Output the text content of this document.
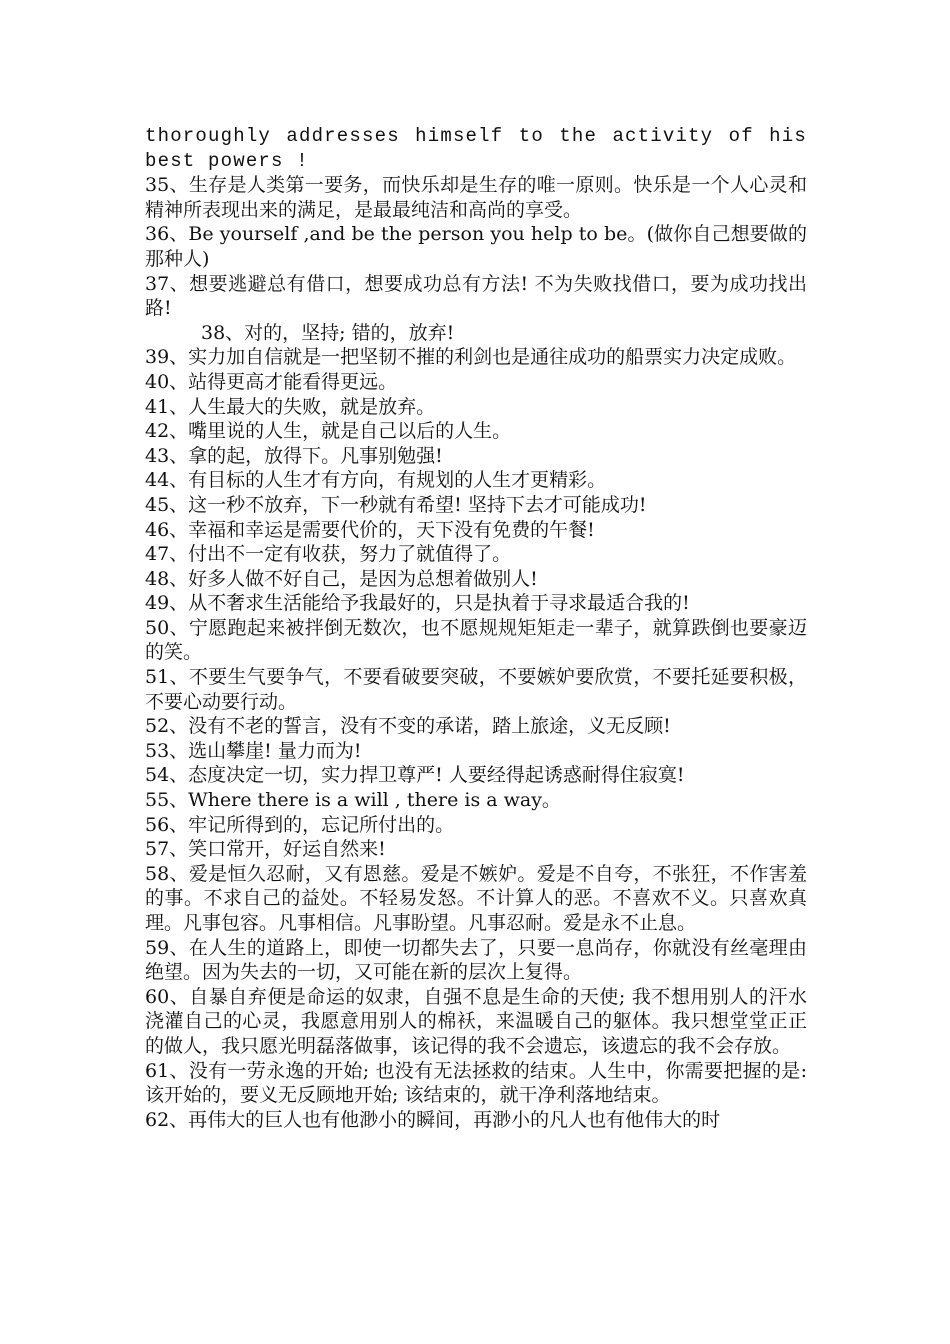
thoroughly addresses himself to the activity of his best powers !

35、生存是人类第一要务，而快乐却是生存的唯一原则。快乐是一个人心灵和精神所表现出来的满足，是最最纯洁和高尚的享受。

36、Be yourself ,and be the person you help to be。(做你自己想要做的那种人)

37、想要逃避总有借口，想要成功总有方法! 不为失败找借口，要为成功找出路!

38、对的，坚持; 错的，放弃!

39、实力加自信就是一把坚韧不摧的利剑也是通往成功的船票实力决定成败。

40、站得更高才能看得更远。

41、人生最大的失败，就是放弃。

42、嘴里说的人生，就是自己以后的人生。

43、拿的起，放得下。凡事别勉强!

44、有目标的人生才有方向，有规划的人生才更精彩。

45、这一秒不放弃，下一秒就有希望! 坚持下去才可能成功!

46、幸福和幸运是需要代价的，天下没有免费的午餐!

47、付出不一定有收获，努力了就值得了。

48、好多人做不好自己，是因为总想着做别人!

49、从不奢求生活能给予我最好的，只是执着于寻求最适合我的!

50、宁愿跑起来被拌倒无数次，也不愿规规矩矩走一辈子，就算跌倒也要豪迈的笑。

51、不要生气要争气，不要看破要突破，不要嫉妒要欣赏，不要托延要积极，不要心动要行动。

52、没有不老的誓言，没有不变的承诺，踏上旅途，义无反顾!

53、选山攀崖! 量力而为!

54、态度决定一切，实力捍卫尊严! 人要经得起诱惑耐得住寂寞!

55、Where there is a will , there is a way。

56、牢记所得到的，忘记所付出的。

57、笑口常开，好运自然来!

58、爱是恒久忍耐，又有恩慈。爱是不嫉妒。爱是不自夸，不张狂，不作害羞的事。不求自己的益处。不轻易发怒。不计算人的恶。不喜欢不义。只喜欢真理。凡事包容。凡事相信。凡事盼望。凡事忍耐。爱是永不止息。

59、在人生的道路上，即使一切都失去了，只要一息尚存，你就没有丝毫理由绝望。因为失去的一切，又可能在新的层次上复得。

60、自暴自弃便是命运的奴隶，自强不息是生命的天使; 我不想用别人的汗水浇灌自己的心灵，我愿意用别人的棉袄，来温暖自己的躯体。我只想堂堂正正的做人，我只愿光明磊落做事，该记得的我不会遗忘，该遗忘的我不会存放。

61、没有一劳永逸的开始; 也没有无法拯救的结束。人生中，你需要把握的是: 该开始的，要义无反顾地开始; 该结束的，就干净利落地结束。

62、再伟大的巨人也有他渺小的瞬间，再渺小的凡人也有他伟大的时
